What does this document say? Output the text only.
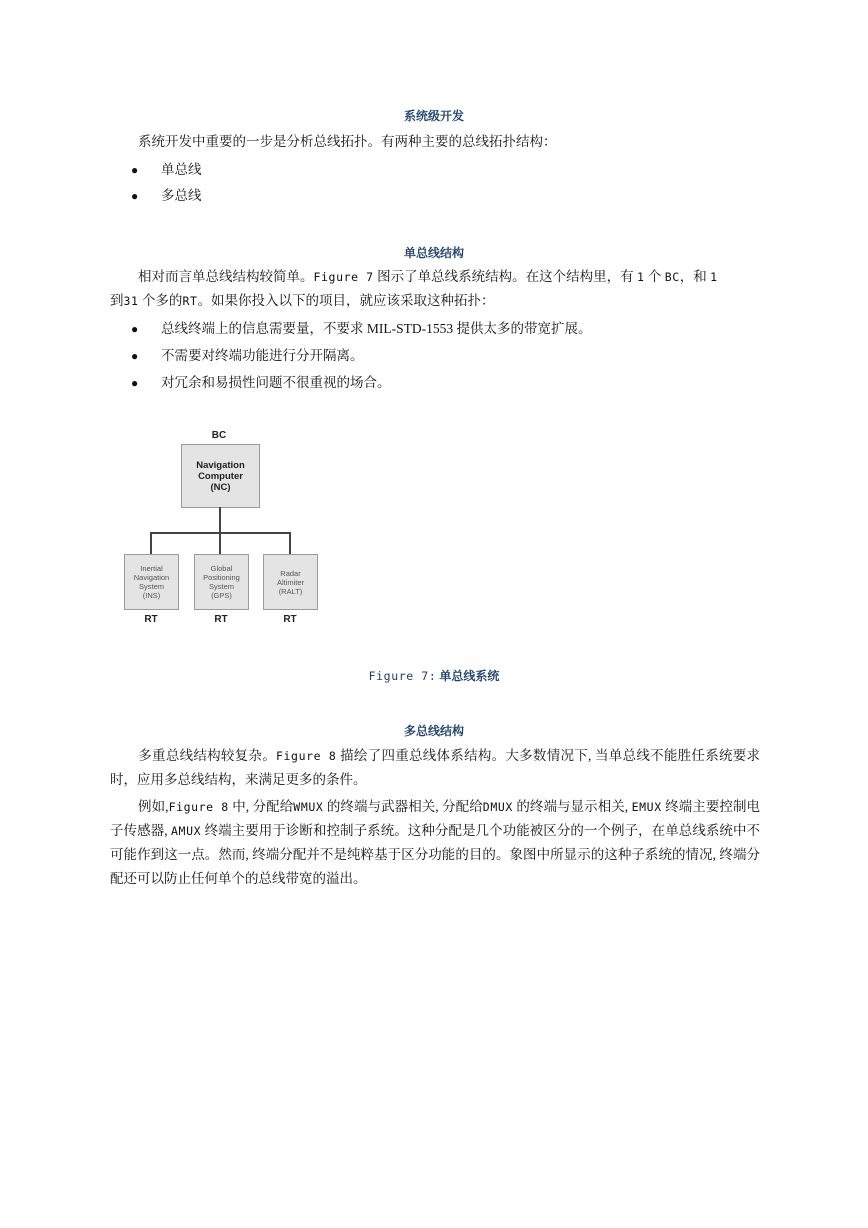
系统级开发
系统开发中重要的一步是分析总线拓扑。有两种主要的总线拓扑结构：
● 单总线
● 多总线
单总线结构
相对而言单总线结构较简单。Figure 7 图示了单总线系统结构。在这个结构里，有 1 个 BC，和 1
到31 个多的RT。如果你投入以下的项目，就应该采取这种拓扑：
● 总线终端上的信息需要量，不要求 MIL-STD-1553 提供太多的带宽扩展。
● 不需要对终端功能进行分开隔离。
● 对冗余和易损性问题不很重视的场合。
BC
Navigation
Computer
(NC)
Inertial
Navigation
System
(INS)
Global
Positioning
System
(GPS)
Radar
Altimiter
(RALT)
RT	RT	RT
Figure 7: 单总线系统
多总线结构
多重总线结构较复杂。Figure 8 描绘了四重总线体系结构。大多数情况下, 当单总线不能胜任系统要求时，应用多总线结构，来满足更多的条件。
例如,Figure 8 中, 分配给WMUX 的终端与武器相关, 分配给DMUX 的终端与显示相关, EMUX 终端主要控制电子传感器, AMUX 终端主要用于诊断和控制子系统。这种分配是几个功能被区分的一个例子，在单总线系统中不可能作到这一点。然而, 终端分配并不是纯粹基于区分功能的目的。象图中所显示的这种子系统的情况, 终端分配还可以防止任何单个的总线带宽的溢出。
